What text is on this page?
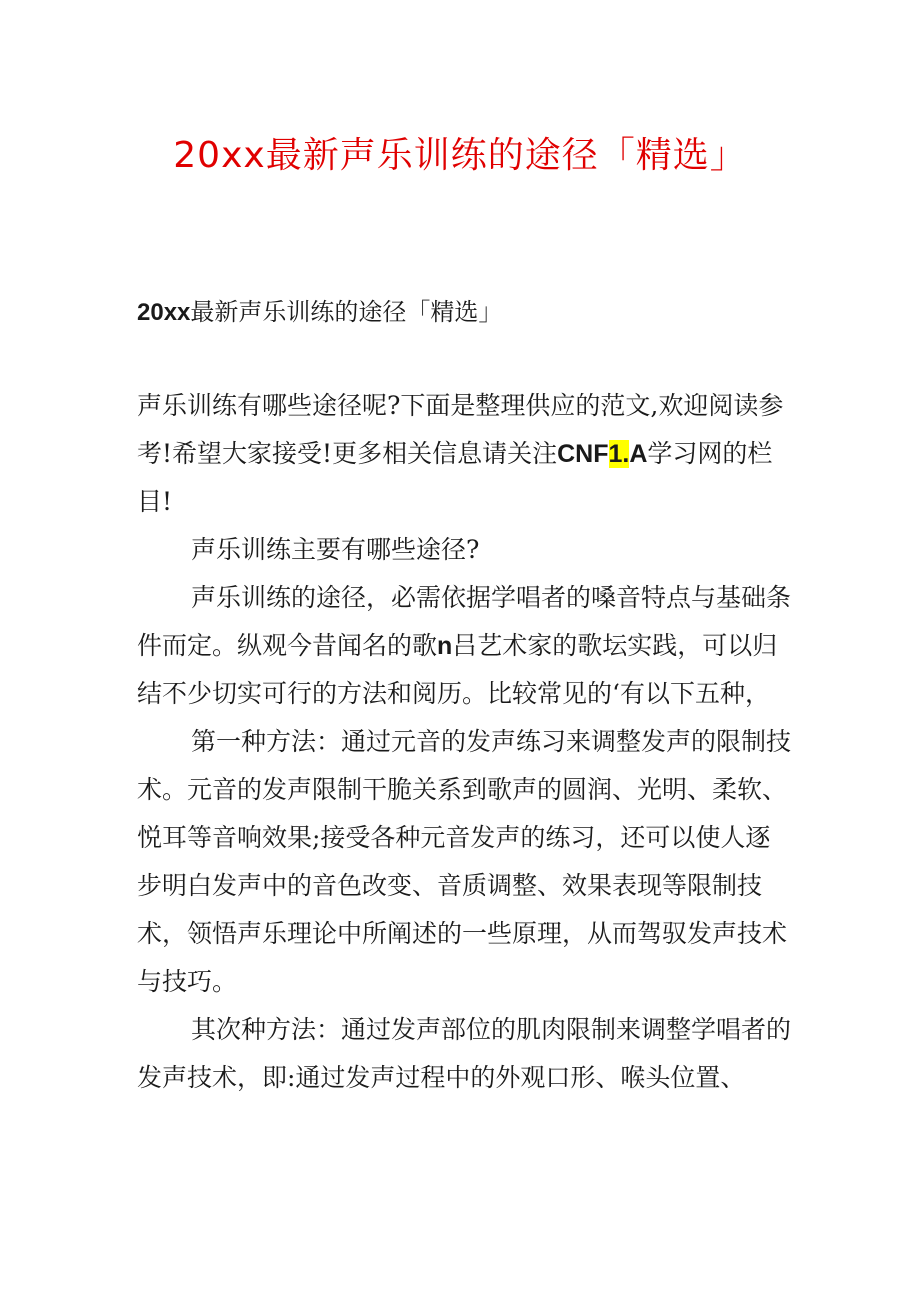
20xx最新声乐训练的途径「精选」
20xx最新声乐训练的途径「精选」

声乐训练有哪些途径呢?下面是整理供应的范文,欢迎阅读参考!希望大家接受!更多相关信息请关注CNF1.A学习网的栏目!

声乐训练主要有哪些途径?

声乐训练的途径，必需依据学唱者的嗓音特点与基础条件而定。纵观今昔闻名的歌n吕艺术家的歌坛实践，可以归结不少切实可行的方法和阅历。比较常见的‘有以下五种，

第一种方法：通过元音的发声练习来调整发声的限制技术。元音的发声限制干脆关系到歌声的圆润、光明、柔软、悦耳等音响效果;接受各种元音发声的练习，还可以使人逐步明白发声中的音色改变、音质调整、效果表现等限制技术，领悟声乐理论中所阐述的一些原理，从而驾驭发声技术与技巧。

其次种方法：通过发声部位的肌肉限制来调整学唱者的发声技术，即:通过发声过程中的外观口形、喉头位置、
